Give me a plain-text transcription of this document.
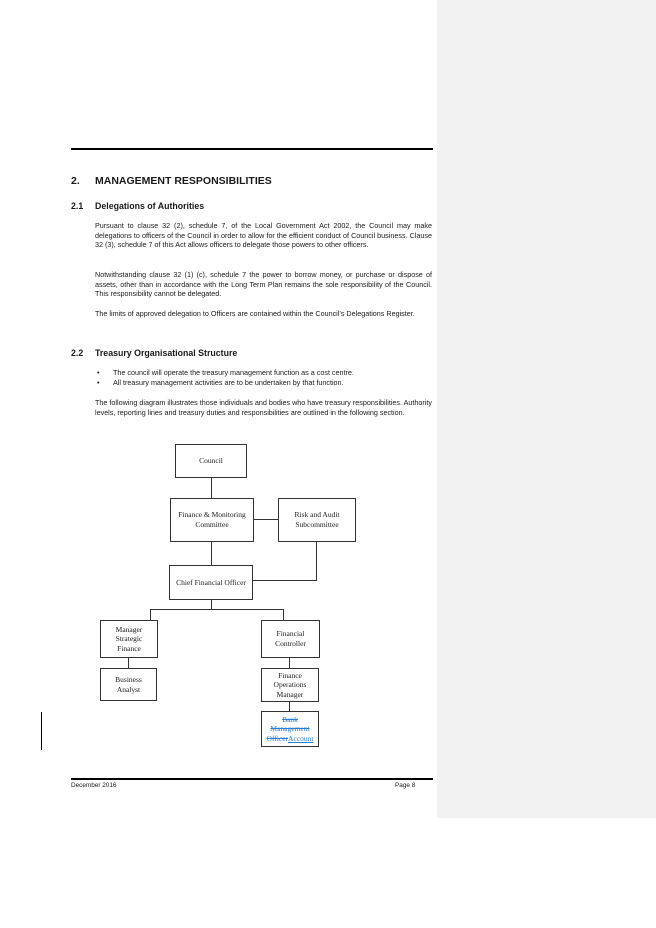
2. MANAGEMENT RESPONSIBILITIES
2.1 Delegations of Authorities

Pursuant to clause 32 (2), schedule 7, of the Local Government Act 2002, the Council may make delegations to officers of the Council in order to allow for the efficient conduct of Council business. Clause 32 (3), schedule 7 of this Act allows officers to delegate those powers to other officers.

Notwithstanding clause 32 (1) (c), schedule 7 the power to borrow money, or purchase or dispose of assets, other than in accordance with the Long Term Plan remains the sole responsibility of the Council. This responsibility cannot be delegated.

The limits of approved delegation to Officers are contained within the Council’s Delegations Register.

2.2 Treasury Organisational Structure
• The council will operate the treasury management function as a cost centre.
• All treasury management activities are to be undertaken by that function.

The following diagram illustrates those individuals and bodies who have treasury responsibilities. Authority levels, reporting lines and treasury duties and responsibilities are outlined in the following section.

Council
Finance & Monitoring
Committee
Risk and Audit
Subcommittee
Chief Financial Officer
Manager
Strategic
Finance
Financial
Controller
Business
Analyst
Finance
Operations
Manager
Bank
Management
OfficerAccount
December 2016	Page 8
